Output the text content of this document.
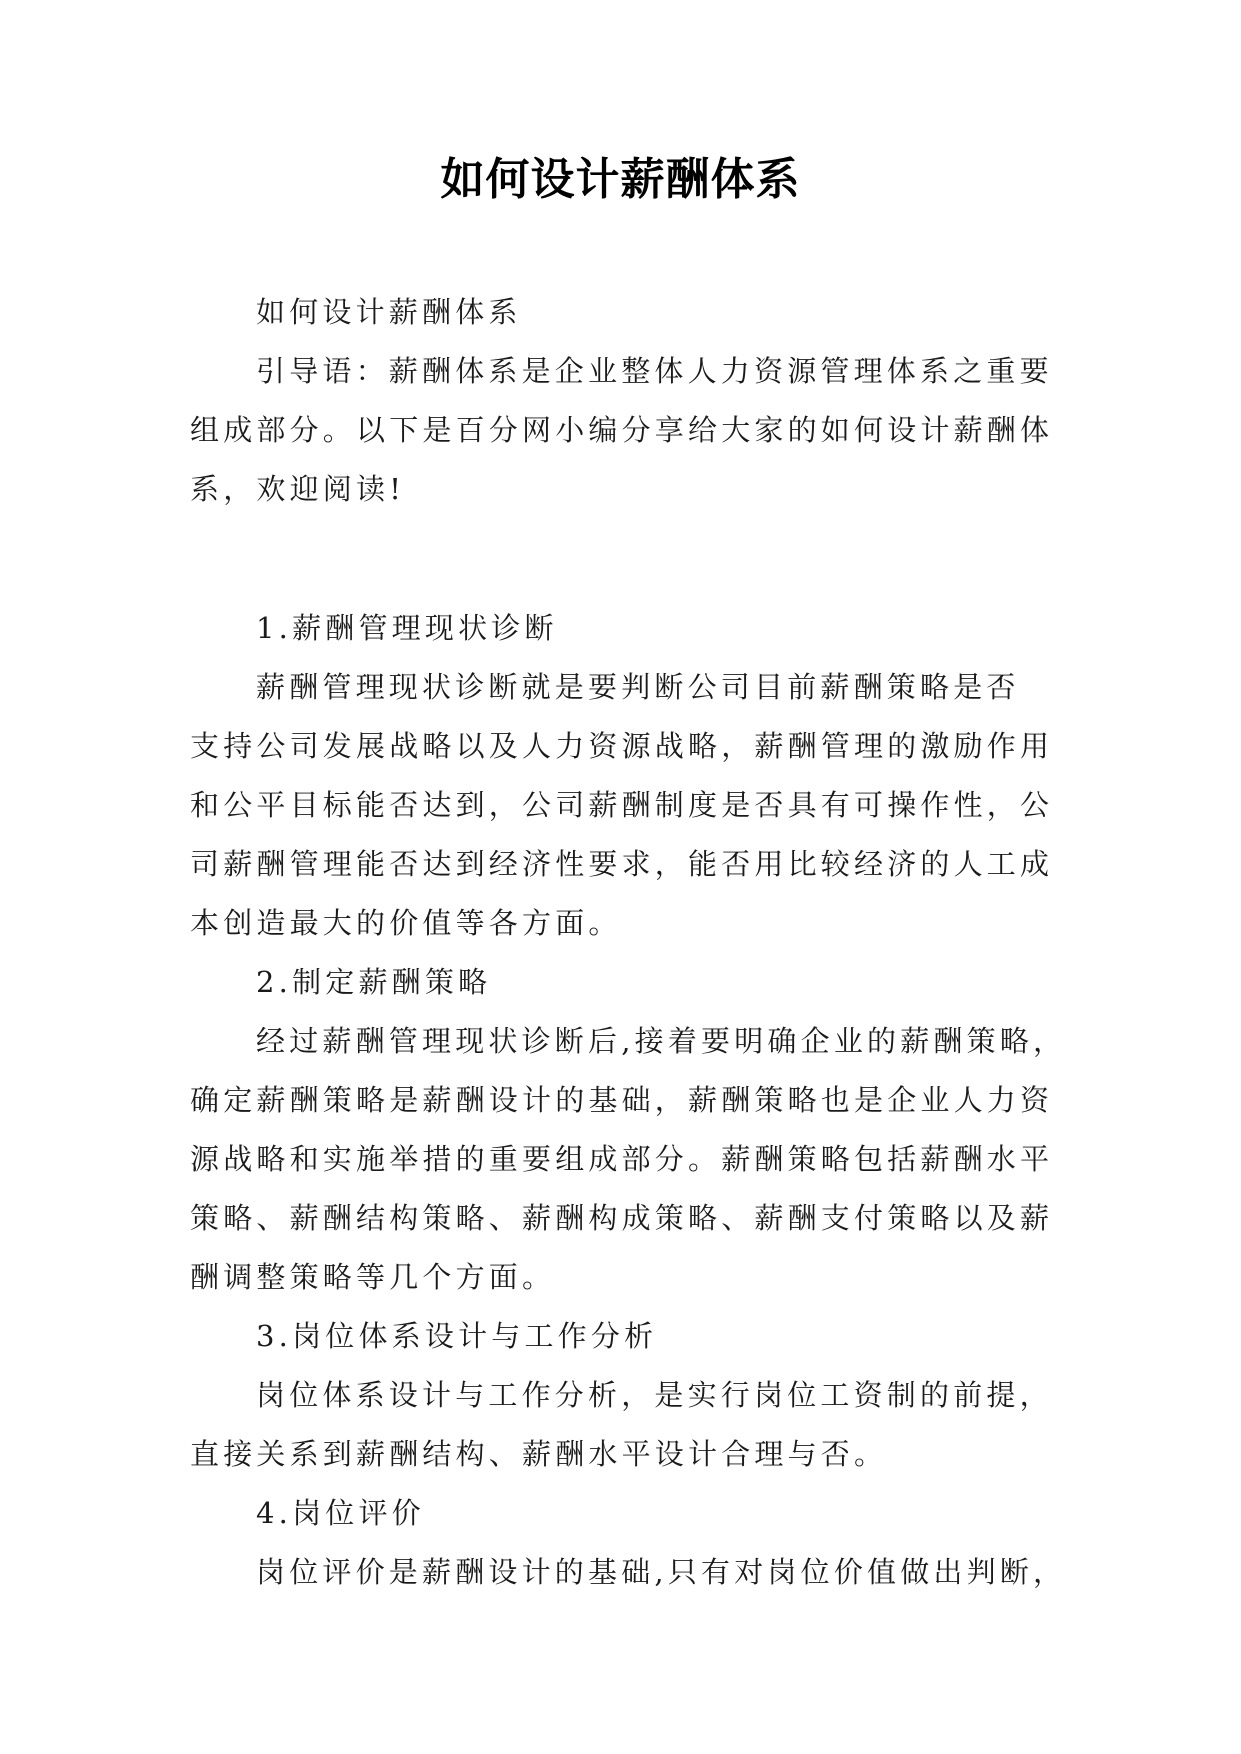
如何设计薪酬体系
如何设计薪酬体系
引导语：薪酬体系是企业整体人力资源管理体系之重要
组成部分。以下是百分网小编分享给大家的如何设计薪酬体
系，欢迎阅读!
1.薪酬管理现状诊断
薪酬管理现状诊断就是要判断公司目前薪酬策略是否
支持公司发展战略以及人力资源战略，薪酬管理的激励作用
和公平目标能否达到，公司薪酬制度是否具有可操作性，公
司薪酬管理能否达到经济性要求，能否用比较经济的人工成
本创造最大的价值等各方面。
2.制定薪酬策略
经过薪酬管理现状诊断后,接着要明确企业的薪酬策略，
确定薪酬策略是薪酬设计的基础，薪酬策略也是企业人力资
源战略和实施举措的重要组成部分。薪酬策略包括薪酬水平
策略、薪酬结构策略、薪酬构成策略、薪酬支付策略以及薪
酬调整策略等几个方面。
3.岗位体系设计与工作分析
岗位体系设计与工作分析，是实行岗位工资制的前提，
直接关系到薪酬结构、薪酬水平设计合理与否。
4.岗位评价
岗位评价是薪酬设计的基础,只有对岗位价值做出判断，
